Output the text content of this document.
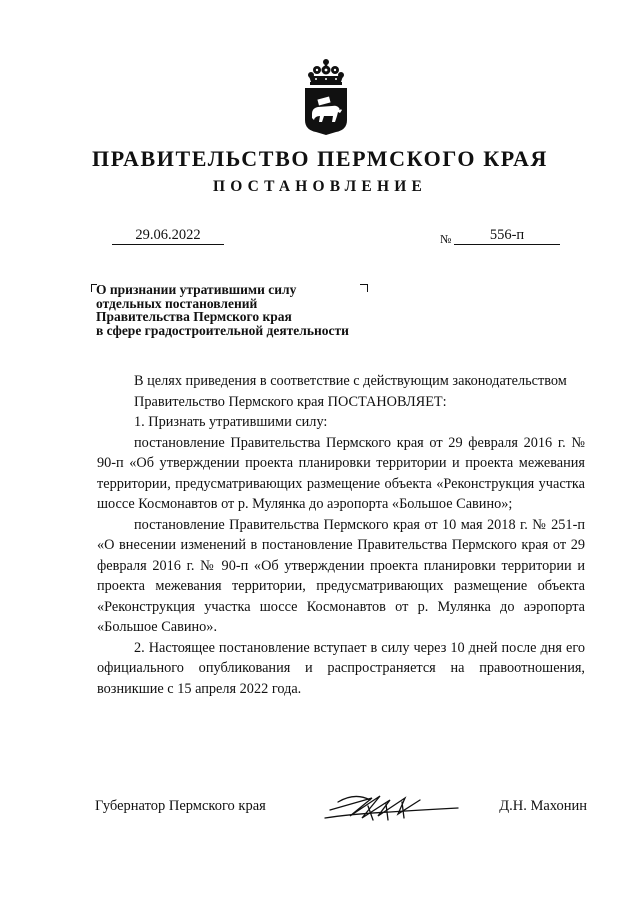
ПРАВИТЕЛЬСТВО ПЕРМСКОГО КРАЯ
ПОСТАНОВЛЕНИЕ
29.06.2022	№	556-п
О признании утратившими силу
отдельных постановлений
Правительства Пермского края
в сфере градостроительной деятельности

В целях приведения в соответствие с действующим законодательством

Правительство Пермского края ПОСТАНОВЛЯЕТ:

1. Признать утратившими силу:

постановление Правительства Пермского края от 29 февраля 2016 г. № 90-п «Об утверждении проекта планировки территории и проекта межевания территории, предусматривающих размещение объекта «Реконструкция участка шоссе Космонавтов от р. Мулянка до аэропорта «Большое Савино»;

постановление Правительства Пермского края от 10 мая 2018 г. № 251-п «О внесении изменений в постановление Правительства Пермского края от 29 февраля 2016 г. № 90-п «Об утверждении проекта планировки территории и проекта межевания территории, предусматривающих размещение объекта «Реконструкция участка шоссе Космонавтов от р. Мулянка до аэропорта «Большое Савино».

2. Настоящее постановление вступает в силу через 10 дней после дня его официального опубликования и распространяется на правоотношения, возникшие с 15 апреля 2022 года.

Губернатор Пермского края	Д.Н. Махонин
